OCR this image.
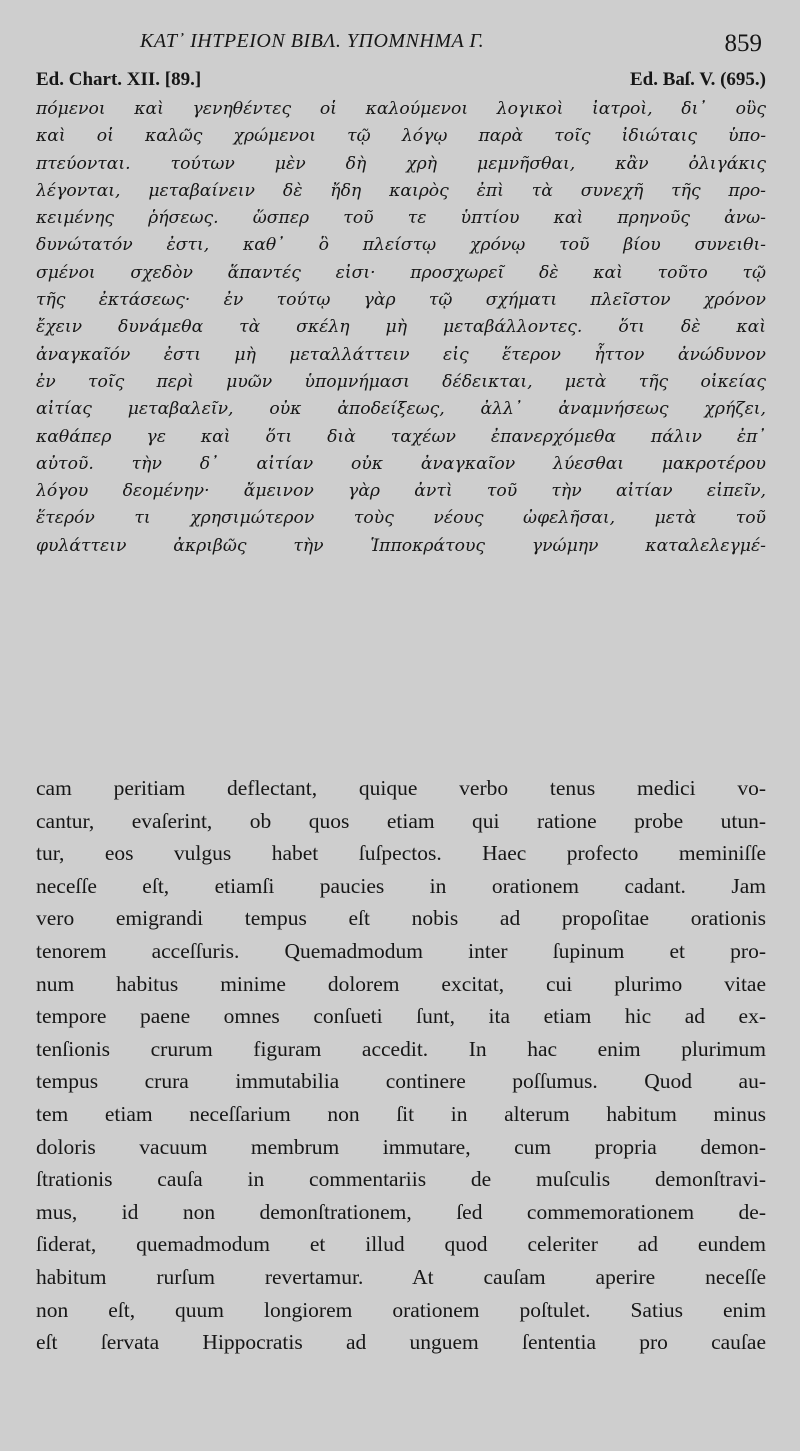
ΚΑΤ᾽ ΙΗΤΡΕΙΟΝ ΒΙΒΛ. ΥΠΟΜΝΗΜΑ Γ.	859
Ed. Chart. XII. [89.]	Ed. Baſ. V. (695.)
πόμενοι καὶ γενηθέντες οἱ καλούμενοι λογικοὶ ἰατροὶ, δι᾽ οὓς
καὶ οἱ καλῶς χρώμενοι τῷ λόγῳ παρὰ τοῖς ἰδιώταις ὑπο-
πτεύονται. τούτων μὲν δὴ χρὴ μεμνῆσθαι, κἂν ὀλιγάκις
λέγονται, μεταβαίνειν δὲ ἤδη καιρὸς ἐπὶ τὰ συνεχῆ τῆς προ-
κειμένης ῥήσεως. ὥσπερ τοῦ τε ὑπτίου καὶ πρηνοῦς ἀνω-
δυνώτατόν ἐστι, καθ᾽ ὃ πλείστῳ χρόνῳ τοῦ βίου συνειθι-
σμένοι σχεδὸν ἅπαντές εἰσι· προσχωρεῖ δὲ καὶ τοῦτο τῷ
τῆς ἐκτάσεως· ἐν τούτῳ γὰρ τῷ σχήματι πλεῖστον χρόνον
ἔχειν δυνάμεθα τὰ σκέλη μὴ μεταβάλλοντες. ὅτι δὲ καὶ
ἀναγκαῖόν ἐστι μὴ μεταλλάττειν εἰς ἕτερον ἧττον ἀνώδυνον
ἐν τοῖς περὶ μυῶν ὑπομνήμασι δέδεικται, μετὰ τῆς οἰκείας
αἰτίας μεταβαλεῖν, οὐκ ἀποδείξεως, ἀλλ᾽ ἀναμνήσεως χρήζει,
καθάπερ γε καὶ ὅτι διὰ ταχέων ἐπανερχόμεθα πάλιν ἐπ᾽
αὐτοῦ. τὴν δ᾽ αἰτίαν οὐκ ἀναγκαῖον λύεσθαι μακροτέρου
λόγου δεομένην· ἄμεινον γὰρ ἀντὶ τοῦ τὴν αἰτίαν εἰπεῖν,
ἕτερόν τι χρησιμώτερον τοὺς νέους ὠφελῆσαι, μετὰ τοῦ
φυλάττειν ἀκριβῶς τὴν Ἱπποκράτους γνώμην καταλελεγμέ-
cam peritiam deflectant, quique verbo tenus medici vo-
cantur, evaſerint, ob quos etiam qui ratione probe utun-
tur, eos vulgus habet ſuſpectos. Haec profecto meminiſſe
neceſſe eſt, etiamſi paucies in orationem cadant. Jam
vero emigrandi tempus eſt nobis ad propoſitae orationis
tenorem acceſſuris. Quemadmodum inter ſupinum et pro-
num habitus minime dolorem excitat, cui plurimo vitae
tempore paene omnes conſueti ſunt, ita etiam hic ad ex-
tenſionis crurum figuram accedit. In hac enim plurimum
tempus crura immutabilia continere poſſumus. Quod au-
tem etiam neceſſarium non ſit in alterum habitum minus
doloris vacuum membrum immutare, cum propria demon-
ſtrationis cauſa in commentariis de muſculis demonſtravi-
mus, id non demonſtrationem, ſed commemorationem de-
ſiderat, quemadmodum et illud quod celeriter ad eundem
habitum rurſum revertamur. At cauſam aperire neceſſe
non eſt, quum longiorem orationem poſtulet. Satius enim
eſt ſervata Hippocratis ad unguem ſententia pro cauſae
